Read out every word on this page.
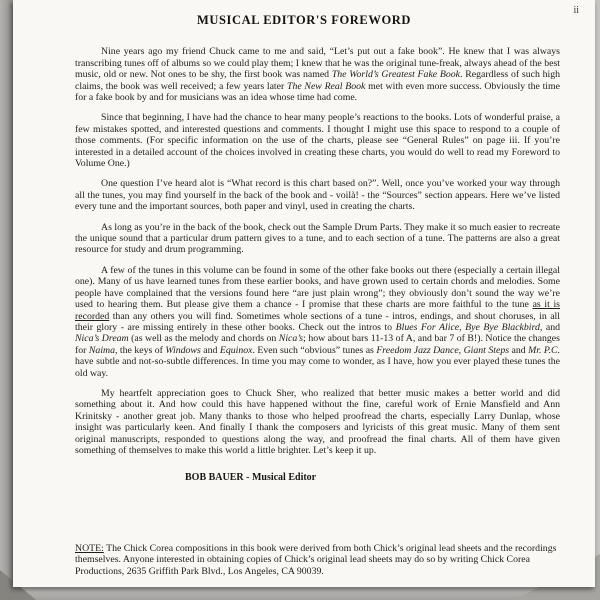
ii
MUSICAL EDITOR'S FOREWORD

Nine years ago my friend Chuck came to me and said, “Let’s put out a fake book”. He knew that I was always transcribing tunes off of albums so we could play them; I knew that he was the original tune-freak, always ahead of the best music, old or new. Not ones to be shy, the first book was named The World’s Greatest Fake Book. Regardless of such high claims, the book was well received; a few years later The New Real Book met with even more success. Obviously the time for a fake book by and for musicians was an idea whose time had come.

Since that beginning, I have had the chance to hear many people’s reactions to the books. Lots of wonderful praise, a few mistakes spotted, and interested questions and comments. I thought I might use this space to respond to a couple of those comments. (For specific information on the use of the charts, please see “General Rules” on page iii. If you’re interested in a detailed account of the choices involved in creating these charts, you would do well to read my Foreword to Volume One.)

One question I’ve heard alot is “What record is this chart based on?”. Well, once you’ve worked your way through all the tunes, you may find yourself in the back of the book and - voilà! - the “Sources” section appears. Here we’ve listed every tune and the important sources, both paper and vinyl, used in creating the charts.

As long as you’re in the back of the book, check out the Sample Drum Parts. They make it so much easier to recreate the unique sound that a particular drum pattern gives to a tune, and to each section of a tune. The patterns are also a great resource for study and drum programming.

A few of the tunes in this volume can be found in some of the other fake books out there (especially a certain illegal one). Many of us have learned tunes from these earlier books, and have grown used to certain chords and melodies. Some people have complained that the versions found here “are just plain wrong”; they obviously don’t sound the way we’re used to hearing them. But please give them a chance - I promise that these charts are more faithful to the tune as it is recorded than any others you will find. Sometimes whole sections of a tune - intros, endings, and shout choruses, in all their glory - are missing entirely in these other books. Check out the intros to Blues For Alice, Bye Bye Blackbird, and Nica’s Dream (as well as the melody and chords on Nica’s; how about bars 11-13 of A, and bar 7 of B!). Notice the changes for Naima, the keys of Windows and Equinox. Even such “obvious” tunes as Freedom Jazz Dance, Giant Steps and Mr. P.C. have subtle and not-so-subtle differences. In time you may come to wonder, as I have, how you ever played these tunes the old way.

My heartfelt appreciation goes to Chuck Sher, who realized that better music makes a better world and did something about it. And how could this have happened without the fine, careful work of Ernie Mansfield and Ann Krinitsky - another great job. Many thanks to those who helped proofread the charts, especially Larry Dunlap, whose insight was particularly keen. And finally I thank the composers and lyricists of this great music. Many of them sent original manuscripts, responded to questions along the way, and proofread the final charts. All of them have given something of themselves to make this world a little brighter. Let’s keep it up.

BOB BAUER - Musical Editor
NOTE: The Chick Corea compositions in this book were derived from both Chick’s original lead sheets and the recordings themselves. Anyone interested in obtaining copies of Chick’s original lead sheets may do so by writing Chick Corea Productions, 2635 Griffith Park Blvd., Los Angeles, CA 90039.
